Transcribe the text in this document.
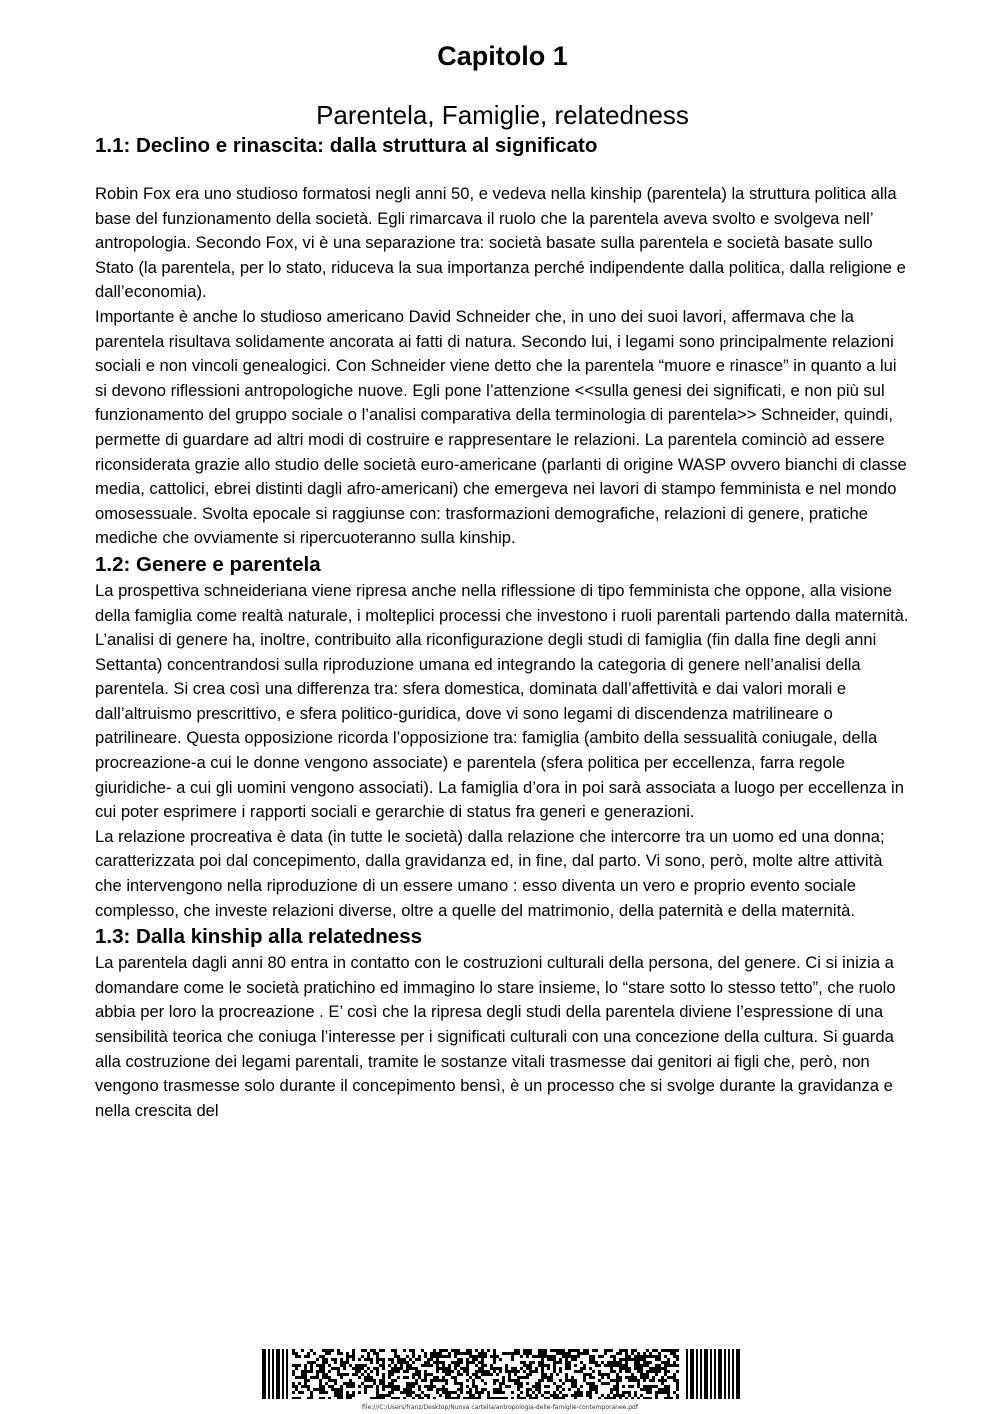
Capitolo 1
Parentela, Famiglie, relatedness
1.1: Declino e rinascita: dalla struttura al significato

Robin Fox era uno studioso formatosi negli anni 50, e vedeva nella kinship (parentela) la struttura politica alla base del funzionamento della società. Egli rimarcava il ruolo che la parentela aveva svolto e svolgeva nell’ antropologia. Secondo Fox, vi è una separazione tra: società basate sulla parentela e società basate sullo Stato (la parentela, per lo stato, riduceva la sua importanza perché indipendente dalla politica, dalla religione e dall’economia).

Importante è anche lo studioso americano David Schneider che, in uno dei suoi lavori, affermava che la parentela risultava solidamente ancorata ai fatti di natura. Secondo lui, i legami sono principalmente relazioni sociali e non vincoli genealogici. Con Schneider viene detto che la parentela “muore e rinasce” in quanto a lui si devono riflessioni antropologiche nuove. Egli pone l’attenzione <<sulla genesi dei significati, e non più sul funzionamento del gruppo sociale o l’analisi comparativa della terminologia di parentela>> Schneider, quindi, permette di guardare ad altri modi di costruire e rappresentare le relazioni. La parentela cominciò ad essere riconsiderata grazie allo studio delle società euro-americane (parlanti di origine WASP ovvero bianchi di classe media, cattolici, ebrei distinti dagli afro-americani) che emergeva nei lavori di stampo femminista e nel mondo omosessuale. Svolta epocale si raggiunse con: trasformazioni demografiche, relazioni di genere, pratiche mediche che ovviamente si ripercuoteranno sulla kinship.

1.2: Genere e parentela

La prospettiva schneideriana viene ripresa anche nella riflessione di tipo femminista che oppone, alla visione della famiglia come realtà naturale, i molteplici processi che investono i ruoli parentali partendo dalla maternità.

L’analisi di genere ha, inoltre, contribuito alla riconfigurazione degli studi di famiglia (fin dalla fine degli anni Settanta) concentrandosi sulla riproduzione umana ed integrando la categoria di genere nell’analisi della parentela. Si crea così una differenza tra: sfera domestica, dominata dall’affettività e dai valori morali e dall’altruismo prescrittivo, e sfera politico-guridica, dove vi sono legami di discendenza matrilineare o patrilineare. Questa opposizione ricorda l’opposizione tra: famiglia (ambito della sessualità coniugale, della procreazione-a cui le donne vengono associate) e parentela (sfera politica per eccellenza, farra regole giuridiche- a cui gli uomini vengono associati). La famiglia d’ora in poi sarà associata a luogo per eccellenza in cui poter esprimere i rapporti sociali e gerarchie di status fra generi e generazioni.

La relazione procreativa è data (in tutte le società) dalla relazione che intercorre tra un uomo ed una donna; caratterizzata poi dal concepimento, dalla gravidanza ed, in fine, dal parto. Vi sono, però, molte altre attività che intervengono nella riproduzione di un essere umano : esso diventa un vero e proprio evento sociale complesso, che investe relazioni diverse, oltre a quelle del matrimonio, della paternità e della maternità.

1.3: Dalla kinship alla relatedness

La parentela dagli anni 80 entra in contatto con le costruzioni culturali della persona, del genere. Ci si inizia a domandare come le società pratichino ed immagino lo stare insieme, lo “stare sotto lo stesso tetto”, che ruolo abbia per loro la procreazione . E’ così che la ripresa degli studi della parentela diviene l’espressione di una sensibilità teorica che coniuga l’interesse per i significati culturali con una concezione della cultura. Si guarda alla costruzione dei legami parentali, tramite le sostanze vitali trasmesse dai genitori ai figli che, però, non vengono trasmesse solo durante il concepimento bensì, è un processo che si svolge durante la gravidanza e nella crescita del

file:///C:/Users/franz/Desktop/Nuova cartella/antropologia-delle-famiglie-contemporanee.pdf
